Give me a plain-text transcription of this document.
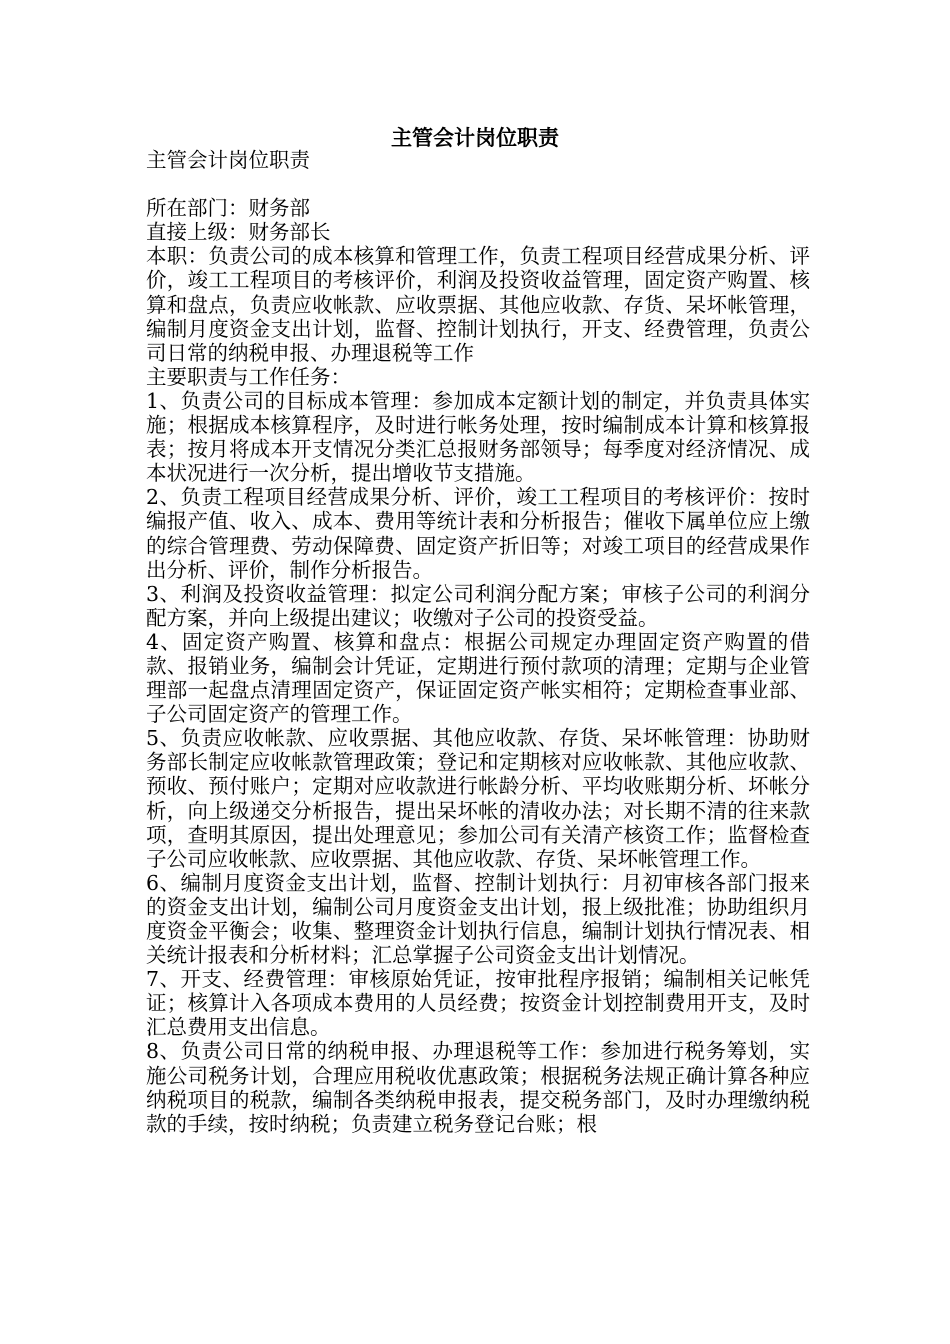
主管会计岗位职责

主管会计岗位职责

所在部门：财务部

直接上级：财务部长

本职：负责公司的成本核算和管理工作，负责工程项目经营成果分析、评价，竣工工程项目的考核评价，利润及投资收益管理，固定资产购置、核算和盘点，负责应收帐款、应收票据、其他应收款、存货、呆坏帐管理，编制月度资金支出计划，监督、控制计划执行，开支、经费管理，负责公司日常的纳税申报、办理退税等工作

主要职责与工作任务：

1、负责公司的目标成本管理：参加成本定额计划的制定，并负责具体实施；根据成本核算程序，及时进行帐务处理，按时编制成本计算和核算报表；按月将成本开支情况分类汇总报财务部领导；每季度对经济情况、成本状况进行一次分析，提出增收节支措施。

2、负责工程项目经营成果分析、评价，竣工工程项目的考核评价：按时编报产值、收入、成本、费用等统计表和分析报告；催收下属单位应上缴的综合管理费、劳动保障费、固定资产折旧等；对竣工项目的经营成果作出分析、评价，制作分析报告。

3、利润及投资收益管理：拟定公司利润分配方案；审核子公司的利润分配方案，并向上级提出建议；收缴对子公司的投资受益。

4、固定资产购置、核算和盘点：根据公司规定办理固定资产购置的借款、报销业务，编制会计凭证，定期进行预付款项的清理；定期与企业管理部一起盘点清理固定资产，保证固定资产帐实相符；定期检查事业部、子公司固定资产的管理工作。

5、负责应收帐款、应收票据、其他应收款、存货、呆坏帐管理：协助财务部长制定应收帐款管理政策；登记和定期核对应收帐款、其他应收款、预收、预付账户；定期对应收款进行帐龄分析、平均收账期分析、坏帐分析，向上级递交分析报告，提出呆坏帐的清收办法；对长期不清的往来款项，查明其原因，提出处理意见；参加公司有关清产核资工作；监督检查子公司应收帐款、应收票据、其他应收款、存货、呆坏帐管理工作。

6、编制月度资金支出计划，监督、控制计划执行：月初审核各部门报来的资金支出计划，编制公司月度资金支出计划，报上级批准；协助组织月度资金平衡会；收集、整理资金计划执行信息，编制计划执行情况表、相关统计报表和分析材料；汇总掌握子公司资金支出计划情况。

7、开支、经费管理：审核原始凭证，按审批程序报销；编制相关记帐凭证；核算计入各项成本费用的人员经费；按资金计划控制费用开支，及时汇总费用支出信息。

8、负责公司日常的纳税申报、办理退税等工作：参加进行税务筹划，实施公司税务计划，合理应用税收优惠政策；根据税务法规正确计算各种应纳税项目的税款，编制各类纳税申报表，提交税务部门，及时办理缴纳税款的手续，按时纳税；负责建立税务登记台账；根
